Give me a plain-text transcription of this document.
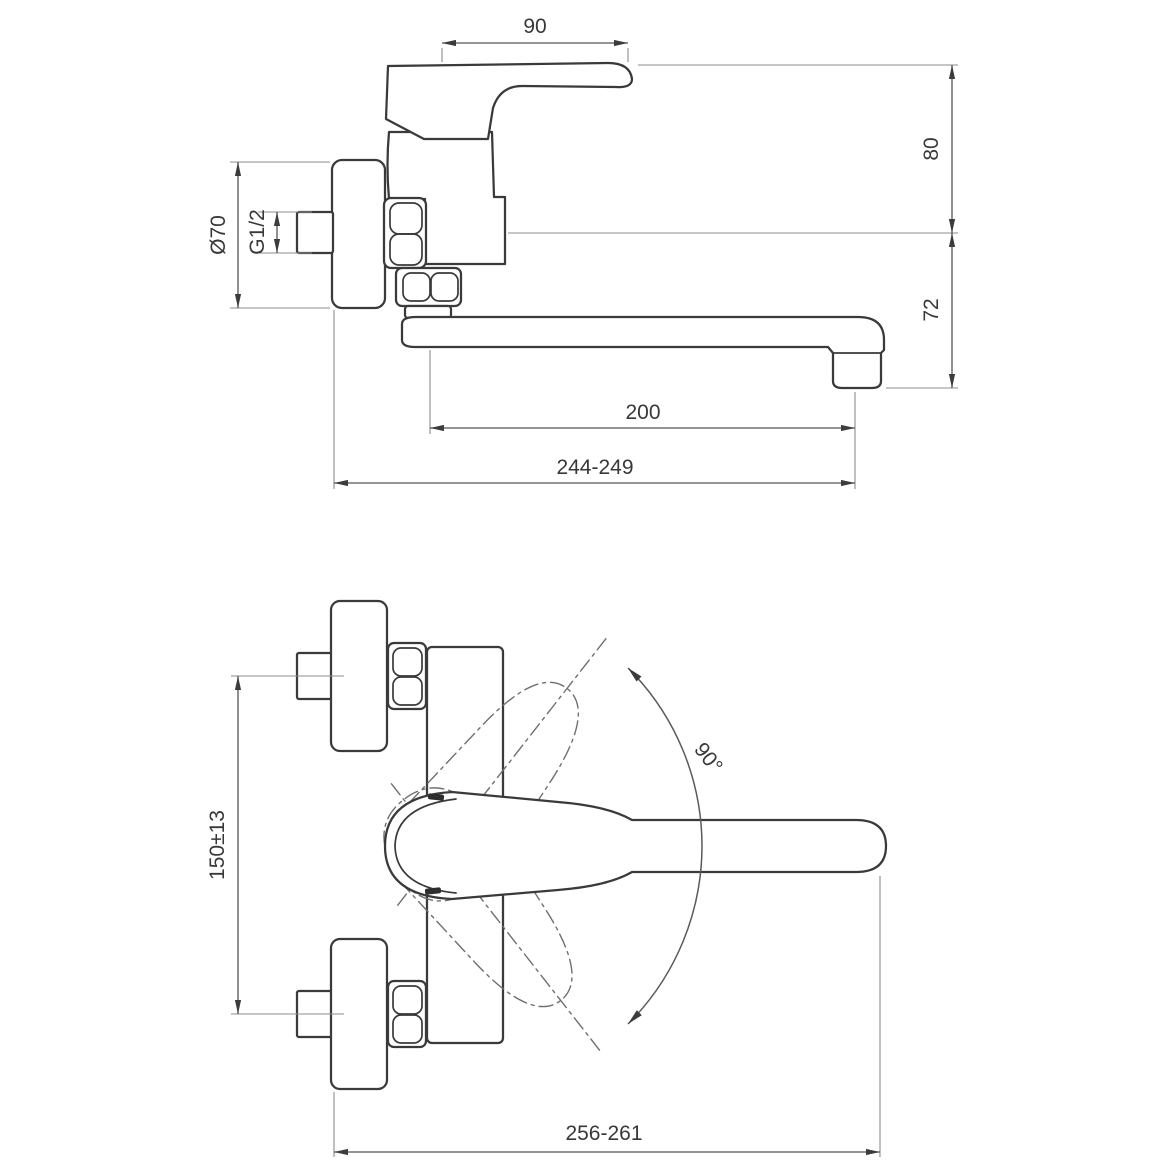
90
80
72
Ø70 G1/2
200
244-249
90°
150±13
256-261
